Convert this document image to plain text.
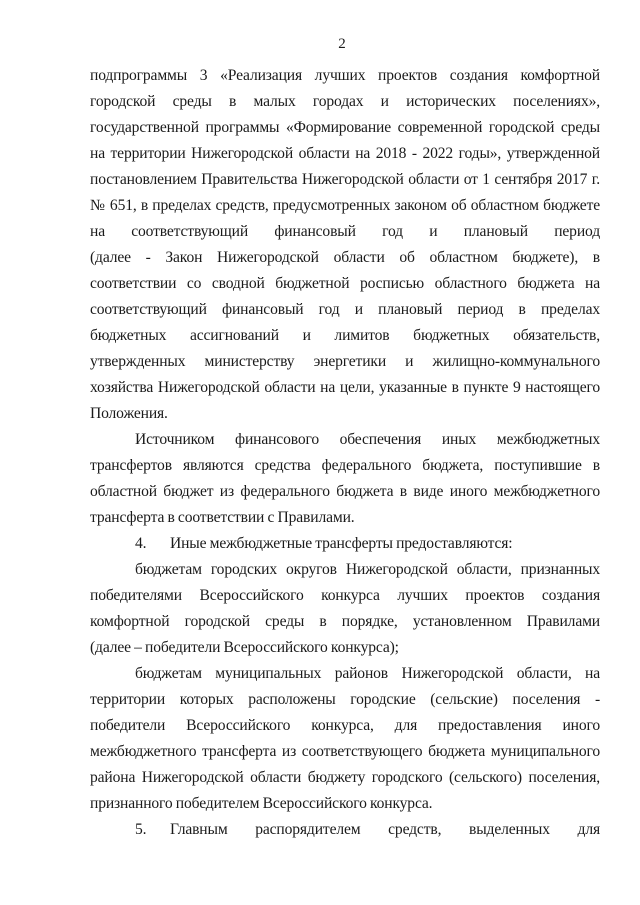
2
подпрограммы 3 «Реализация лучших проектов создания комфортной
городской среды в малых городах и исторических поселениях»,
государственной программы «Формирование современной городской среды
на территории Нижегородской области на 2018 - 2022 годы», утвержденной
постановлением Правительства Нижегородской области от 1 сентября 2017 г.
№ 651, в пределах средств, предусмотренных законом об областном бюджете
на соответствующий финансовый год и плановый период
(далее - Закон Нижегородской области об областном бюджете), в
соответствии со сводной бюджетной росписью областного бюджета на
соответствующий финансовый год и плановый период в пределах
бюджетных ассигнований и лимитов бюджетных обязательств,
утвержденных министерству энергетики и жилищно-коммунального
хозяйства Нижегородской области на цели, указанные в пункте 9 настоящего
Положения.
Источником финансового обеспечения иных межбюджетных
трансфертов являются средства федерального бюджета, поступившие в
областной бюджет из федерального бюджета в виде иного межбюджетного
трансферта в соответствии с Правилами.
4. Иные межбюджетные трансферты предоставляются:
бюджетам городских округов Нижегородской области, признанных
победителями Всероссийского конкурса лучших проектов создания
комфортной городской среды в порядке, установленном Правилами
(далее – победители Всероссийского конкурса);
бюджетам муниципальных районов Нижегородской области, на
территории которых расположены городские (сельские) поселения -
победители Всероссийского конкурса, для предоставления иного
межбюджетного трансферта из соответствующего бюджета муниципального
района Нижегородской области бюджету городского (сельского) поселения,
признанного победителем Всероссийского конкурса.
5.	Главным распорядителем средств, выделенных для
